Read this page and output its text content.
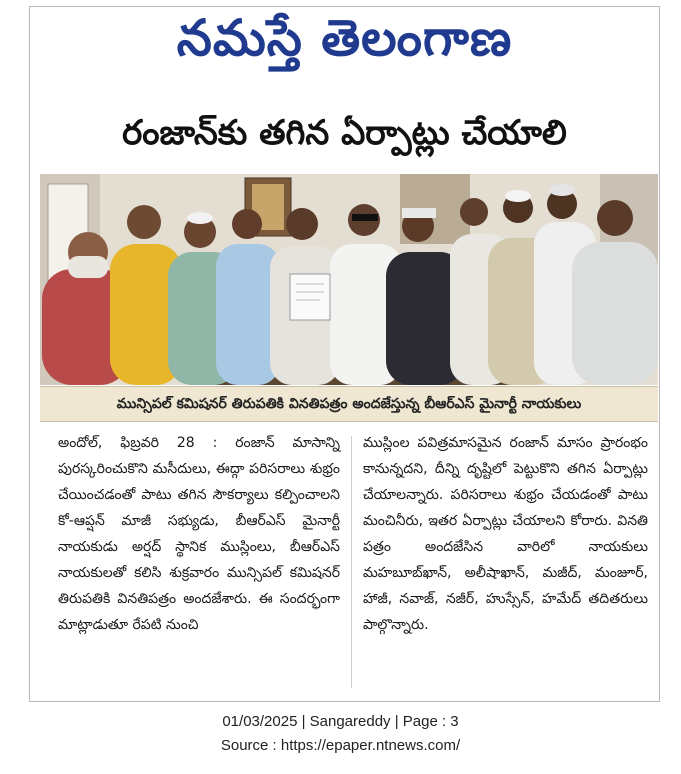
నమస్తే తెలంగాణ
రంజాన్‌కు తగిన ఏర్పాట్లు చేయాలి
మున్సిపల్ కమిషనర్ తిరుపతికి వినతిపత్రం అందజేస్తున్న బీఆర్ఎస్ మైనార్టీ నాయకులు
అందోల్, ఫిబ్రవరి 28 : రంజాన్ మాసాన్ని పురస్కరించుకొని మసీదులు, ఈద్గా పరిసరాలు శుభ్రం చేయించడంతో పాటు తగిన సౌకర్యాలు కల్పించాలని కో-ఆప్షన్ మాజీ సభ్యుడు, బీఆర్ఎస్ మైనార్టీ నాయకుడు అర్షద్ స్థానిక ముస్లింలు, బీఆర్ఎస్ నాయకులతో కలిసి శుక్రవారం మున్సిపల్ కమిషనర్ తిరుపతికి వినతిపత్రం అందజేశారు. ఈ సందర్భంగా మాట్లాడుతూ రేపటి నుంచి
ముస్లింల పవిత్రమాసమైన రంజాన్ మాసం ప్రారంభం కానున్నదని, దీన్ని దృష్టిలో పెట్టుకొని తగిన ఏర్పాట్లు చేయాలన్నారు. పరిసరాలు శుభ్రం చేయడంతో పాటు మంచినీరు, ఇతర ఏర్పాట్లు చేయాలని కోరారు. వినతి పత్రం అందజేసిన వారిలో నాయకులు మహబూబ్‌ఖాన్, అలీషాఖాన్, మజీద్, మంజూర్, హాజీ, నవాజ్, నజీర్, హుస్సేన్, హమేద్ తదితరులు పాల్గొన్నారు.
01/03/2025 | Sangareddy | Page : 3
Source : https://epaper.ntnews.com/
